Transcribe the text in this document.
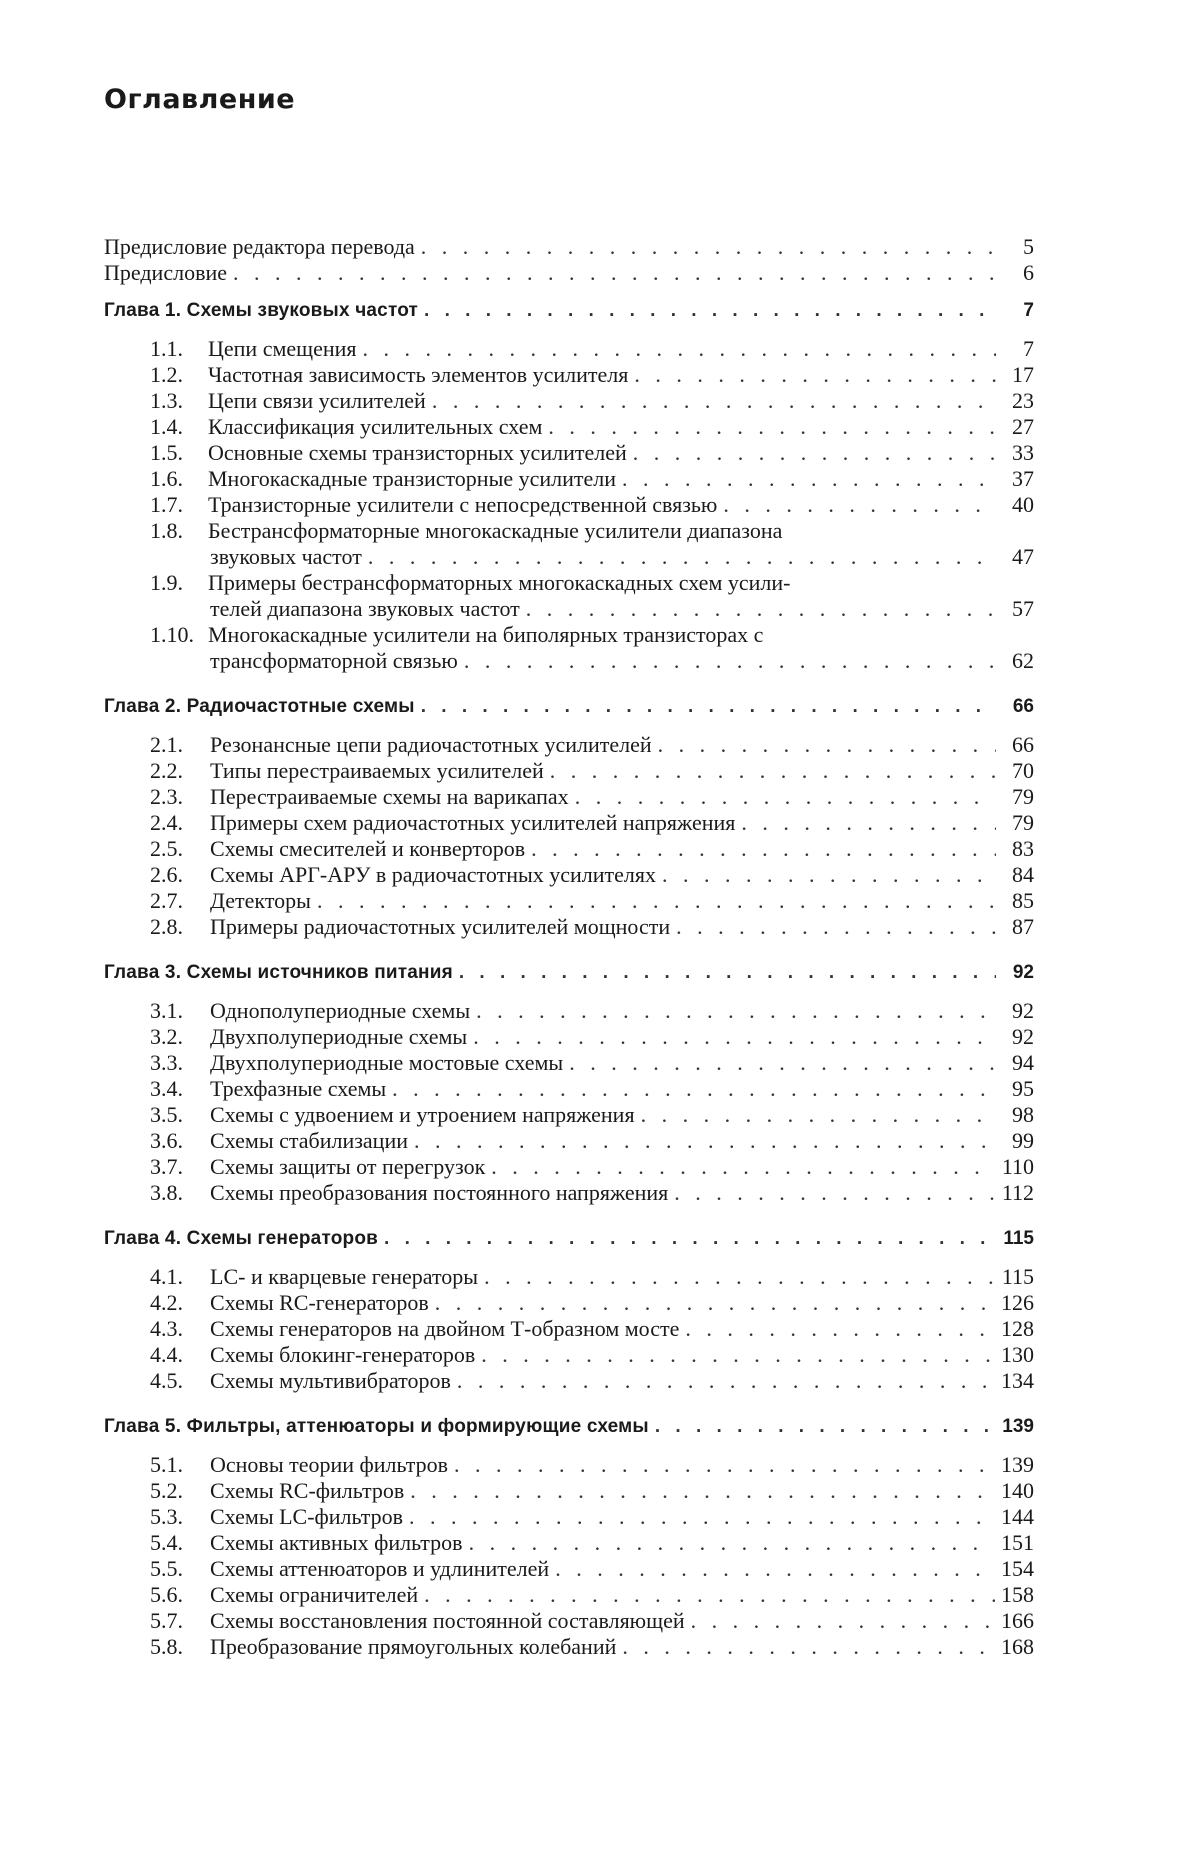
Оглавление
Предисловие редактора перевода . . .	5
Предисловие . . .	6
Глава 1. Схемы звуковых частот . . .	7
1.1.	Цепи смещения . . .	7
1.2.	Частотная зависимость элементов усилителя . . .	17
1.3.	Цепи связи усилителей . . .	23
1.4.	Классификация усилительных схем . . .	27
1.5.	Основные схемы транзисторных усилителей . . .	33
1.6.	Многокаскадные транзисторные усилители . . .	37
1.7.	Транзисторные усилители с непосредственной связью . . .	40
1.8.	Бестрансформаторные многокаскадные усилители диапазона
звуковых частот . . .	47
1.9.	Примеры бестрансформаторных многокаскадных схем усили-
телей диапазона звуковых частот . . .	57
1.10. Многокаскадные усилители на биполярных транзисторах с
трансформаторной связью . . .	62
Глава 2. Радиочастотные схемы . . .	66
2.1.	Резонансные цепи радиочастотных усилителей . . .	66
2.2.	Типы перестраиваемых усилителей . . .	70
2.3.	Перестраиваемые схемы на варикапах . . .	79
2.4.	Примеры схем радиочастотных усилителей напряжения . . .	79
2.5.	Схемы смесителей и конверторов . . .	83
2.6.	Схемы АРГ-АРУ в радиочастотных усилителях . . .	84
2.7.	Детекторы . . .	85
2.8.	Примеры радиочастотных усилителей мощности . . .	87
Глава 3. Схемы источников питания . . .	92
3.1.	Однополупериодные схемы . . .	92
3.2.	Двухполупериодные схемы . . .	92
3.3.	Двухполупериодные мостовые схемы . . .	94
3.4.	Трехфазные схемы . . .	95
3.5.	Схемы с удвоением и утроением напряжения . . .	98
3.6.	Схемы стабилизации . . .	99
3.7.	Схемы защиты от перегрузок . . .	110
3.8.	Схемы преобразования постоянного напряжения . . .	112
Глава 4. Схемы генераторов . . .	115
4.1.	LC- и кварцевые генераторы . . .	115
4.2.	Схемы RC-генераторов . . .	126
4.3.	Схемы генераторов на двойном Т-образном мосте . . .	128
4.4.	Схемы блокинг-генераторов . . .	130
4.5.	Схемы мультивибраторов . . .	134
Глава 5. Фильтры, аттенюаторы и формирующие схемы . . .	139
5.1.	Основы теории фильтров . . .	139
5.2.	Схемы RC-фильтров . . .	140
5.3.	Схемы LC-фильтров . . .	144
5.4.	Схемы активных фильтров . . .	151
5.5.	Схемы аттенюаторов и удлинителей . . .	154
5.6.	Схемы ограничителей . . .	158
5.7.	Схемы восстановления постоянной составляющей . . .	166
5.8.	Преобразование прямоугольных колебаний . . .	168
